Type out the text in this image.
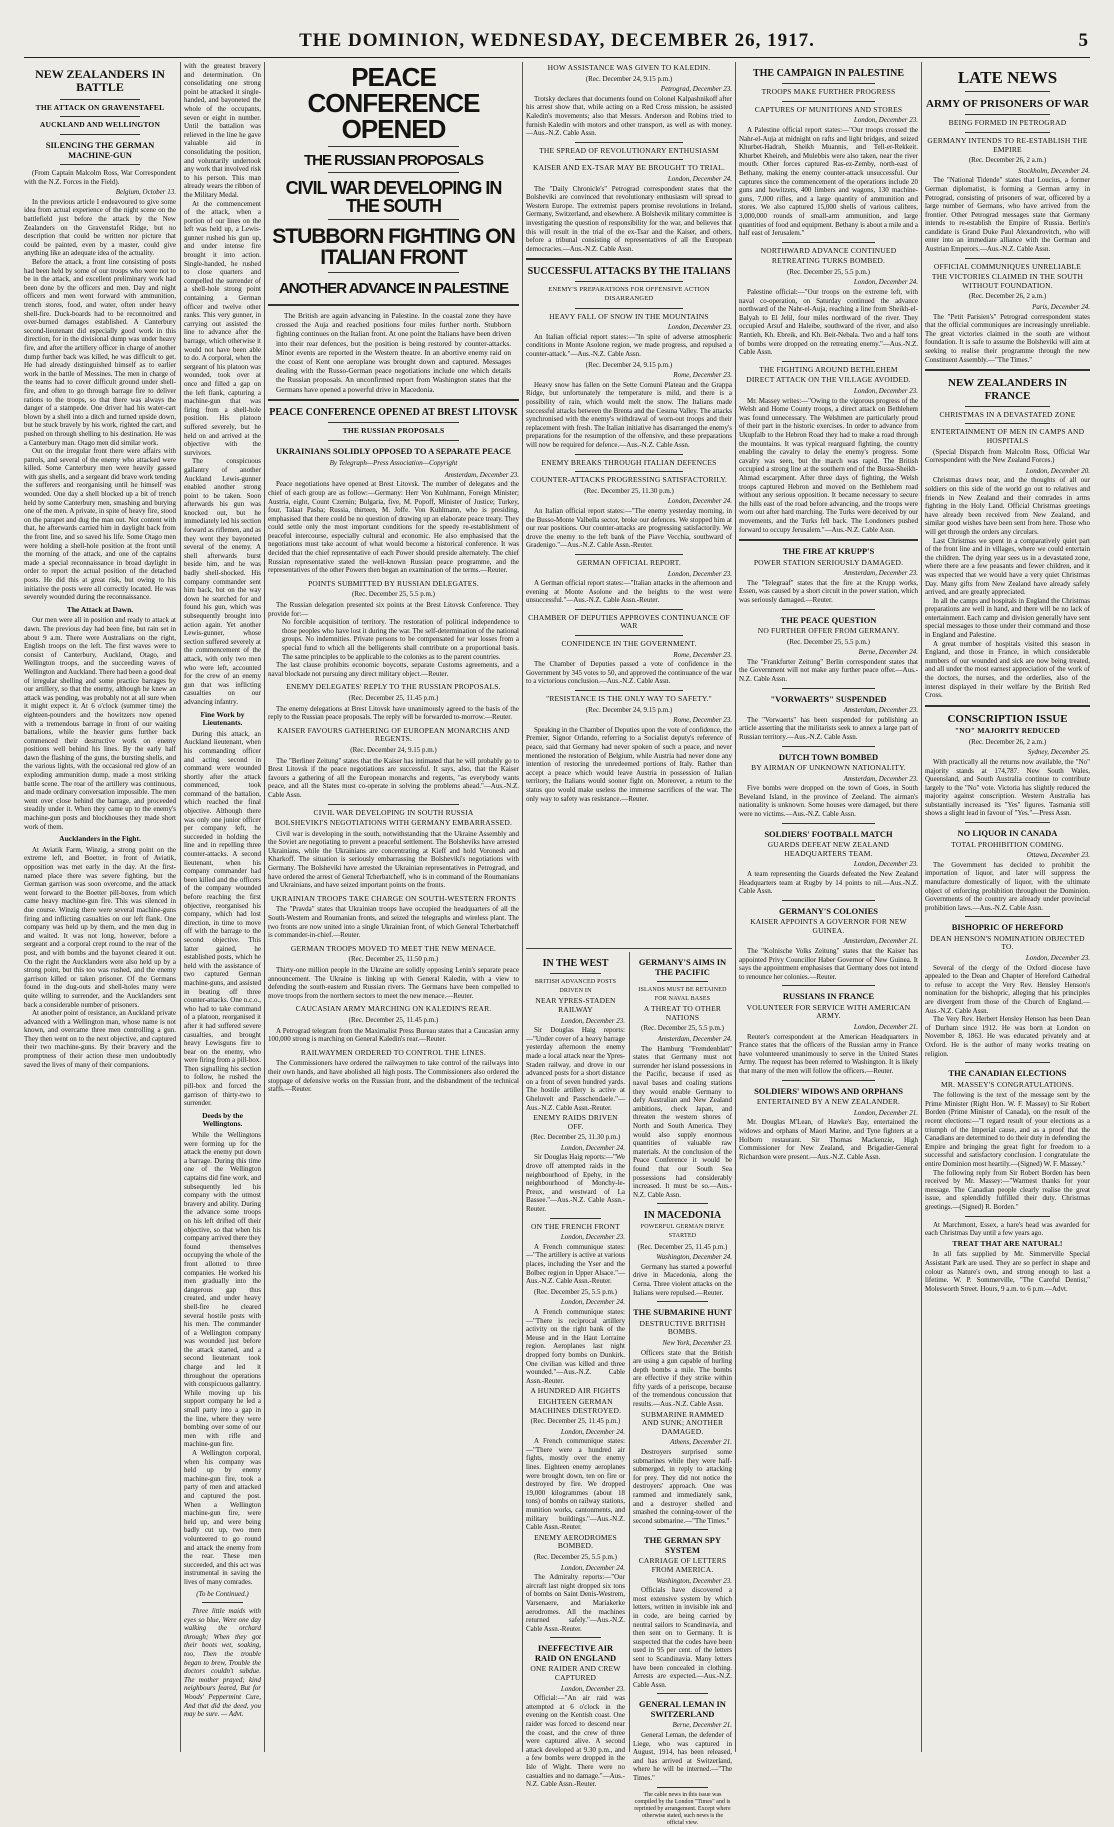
THE DOMINION, WEDNESDAY, DECEMBER 26, 1917.	5
NEW ZEALANDERS IN BATTLE
THE ATTACK ON GRAVENSTAFEL
AUCKLAND AND WELLINGTON
SILENCING THE GERMAN MACHINE-GUN

(From Captain Malcolm Ross, War Correspondent with the N.Z. Forces in the Field).

Belgium, October 13.

In the previous article I endeavoured to give some idea from actual experience of the night scene on the battlefield just before the attack by the New Zealanders on the Gravenstafel Ridge, but no description that could be written nor picture that could be painted, even by a master, could give anything like an adequate idea of the actuality.

Before the attack, a front line consisting of posts had been held by some of our troops who were not to be in the attack, and excellent preliminary work had been done by the officers and men. Day and night officers and men went forward with ammunition, trench stores, food, and water, often under heavy shell-fire. Duck-boards had to be reconnoitred and over-burned damages established. A Canterbury second-lieutenant did especially good work in this direction, for in the divisional dump was under heavy fire, and after the artillery officer in charge of another dump further back was killed, he was difficult to get. He had already distinguished himself as to earlier work in the battle of Messines. The men in charge of the teams had to cover difficult ground under shell-fire, and often to go through barrage fire to deliver rations to the troops, so that there was always the danger of a stampede. One driver had his water-cart blown by a shell into a ditch and turned upside down, but he stuck bravely by his work, righted the cart, and pushed on through shelling to his destination. He was a Canterbury man. Otago men did similar work.

Out on the irregular front there were affairs with patrols, and several of the enemy who attacked were killed. Some Canterbury men were heavily gassed with gas shells, and a sergeant did brave work tending the sufferers and reorganising until he himself was wounded. One day a shell blocked up a bit of trench held by some Canterbury men, smashing and burying one of the men. A private, in spite of heavy fire, stood on the parapet and dug the man out. Not content with that, he afterwards carried him in daylight back from the front line, and so saved his life. Some Otago men were holding a shell-hole position at the front until the morning of the attack, and one of the captains made a special reconnaissance in broad daylight in order to report the actual position of the detached posts. He did this at great risk, but owing to his initiative the posts were all correctly located. He was severely wounded during the reconnaissance.

The Attack at Dawn.

Our men were all in position and ready to attack at dawn. The previous day had been fine, but rain set in about 9 a.m. There were Australians on the right, English troops on the left. The first waves were to consist of Canterbury, Auckland, Otago, and Wellington troops, and the succeeding waves of Wellington and Auckland. There had been a good deal of irregular shelling and some practice barrages by our artillery, so that the enemy, although he knew an attack was pending, was probably not at all sure when it might expect it. At 6 o'clock (summer time) the eighteen-pounders and the howitzers now opened with a tremendous barrage in front of our waiting battalions, while the heavier guns further back commenced their destructive work on enemy positions well behind his lines. By the early half dawn the flashing of the guns, the bursting shells, and the various lights, with the occasional red glow of an exploding ammunition dump, made a most striking battle scene. The roar of the artillery was continuous, and made ordinary conversation impossible. The men went over close behind the barrage, and proceeded steadily under it. When they came up to the enemy's machine-gun posts and blockhouses they made short work of them.

Aucklanders in the Fight.

At Aviatik Farm, Winzig, a strong point on the extreme left, and Boetter, in front of Aviatik, opposition was met early in the day. At the first-named place there was severe fighting, but the German garrison was soon overcome, and the attack went forward to the Boetter pill-boxes, from which came heavy machine-gun fire. This was silenced in due course. Winzig there were several machine-guns firing and inflicting casualties on our left flank. One company was held up by them, and the men dug in and waited. It was not long, however, before a sergeant and a corporal crept round to the rear of the post, and with bombs and the bayonet cleared it out. On the right the Aucklanders were also held up by a strong point, but this too was rushed, and the enemy garrison killed or taken prisoner. Of the Germans found in the dug-outs and shell-holes many were quite willing to surrender, and the Aucklanders sent back a considerable number of prisoners.

At another point of resistance, an Auckland private advanced with a Wellington man, whose name is not known, and overcame three men controlling a gun. They then went on to the next objective, and captured their two machine-guns. By their bravery and the promptness of their action these men undoubtedly saved the lives of many of their companions.

with the greatest bravery and determination. On consolidating one strong point he attacked it single-handed, and bayoneted the whole of the occupants, seven or eight in number. Until the battalion was relieved in the line he gave valuable aid in consolidating the position, and voluntarily undertook any work that involved risk to his person. This man already wears the ribbon of the Military Medal.

At the commencement of the attack, when a portion of our lines on the left was held up, a Lewis-gunner rushed his gun up, and under intense fire brought it into action. Single-handed, he rushed to close quarters and compelled the surrender of a shell-hole strong point containing a German officer and twelve other ranks. This very gunner, in carrying out assisted the line to advance after the barrage, which otherwise it would not have been able to do. A corporal, when the sergeant of his platoon was wounded, took over at once and filled a gap on the left flank, capturing a machine-gun that was firing from a shell-hole position. His platoon suffered severely, but he held on and arrived at the objective with the survivors.

The conspicuous gallantry of another Auckland Lewis-gunner enabled another strong point to be taken. Soon afterwards his gun was knocked out, but he immediately led his section forward as riflemen, and as they went they bayoneted several of the enemy. A shell afterwards burst beside him, and he was badly shell-shocked. His company commander sent him back, but on the way down he searched for and found his gun, which was subsequently brought into action again. Yet another Lewis-gunner, whose section suffered severely at the commencement of the attack, with only two men who were left, accounted for the crew of an enemy gun that was inflicting casualties on our advancing infantry.

Fine Work by Lieutenants.

During this attack, an Auckland lieutenant, when his commanding officer and acting second in command were wounded shortly after the attack commenced, took command of the battalion, which reached the final objective. Although there was only one junior officer per company left, he succeeded in holding the line and in repelling three counter-attacks. A second lieutenant, when his company commander had been killed and the officers of the company wounded before reaching the first objective, reorganised his company, which had lost direction, in time to move off with the barrage to the second objective. This latter gained, he established posts, which he held with the assistance of two captured German machine-guns, and assisted in beating off three counter-attacks. One n.c.o., who had to take command of a platoon, reorganised it after it had suffered severe casualties, and brought heavy Lewisguns fire to bear on the enemy, who were firing from a pill-box. Then signalling his section to follow, he rushed the pill-box and forced the garrison of thirty-two to surrender.

Deeds by the Wellingtons.

While the Wellingtons were forming up for the attack the enemy put down a barrage. During this time one of the Wellington captains did fine work, and subsequently led his company with the utmost bravery and ability. During the advance some troops on his left drifted off their objective, so that when his company arrived there they found themselves occupying the whole of the front allotted to three companies. He worked his men gradually into the dangerous gap thus created, and under heavy shell-fire he cleared several hostile posts with his men. The commander of a Wellington company was wounded just before the attack started, and a second lieutenant took charge and led it throughout the operations with conspicuous gallantry. While moving up his support company he led a small party into a gap in the line, where they were bombing over some of our men with rifle and machine-gun fire.

A Wellington corporal, when his company was held up by enemy machine-gun fire, took a party of men and attacked and captured the post. When a Wellington machine-gun fire, were held up, and were being badly cut up, two men volunteered to go round and attack the enemy from the rear. These men succeeded, and this act was instrumental in saving the lives of many comrades.

(To be Continued.)

Three little maids with eyes so blue, Were one day walking the orchard through; When they got their boots wet, soaking, too, Then the trouble began to brew, Trouble the doctors couldn't subdue. The mother prayed; kind neighbours feared, But for Woods' Peppermint Cure, And that did the deed, you may be sure. — Advt.

PEACE CONFERENCE OPENED
THE RUSSIAN PROPOSALS
CIVIL WAR DEVELOPING IN THE SOUTH
STUBBORN FIGHTING ON ITALIAN FRONT
ANOTHER ADVANCE IN PALESTINE

The British are again advancing in Palestine. In the coastal zone they have crossed the Auja and reached positions four miles further north. Stubborn fighting continues on the Italian front. At one point the Italians have been driven into their rear defences, but the position is being restored by counter-attacks. Minor events are reported in the Western theatre. In an abortive enemy raid on the coast of Kent one aeroplane was brought down and captured. Messages dealing with the Russo-German peace negotiations include one which details the Russian proposals. An unconfirmed report from Washington states that the Germans have opened a powerful drive in Macedonia.

PEACE CONFERENCE OPENED AT BREST LITOVSK
THE RUSSIAN PROPOSALS
UKRAINIANS SOLIDLY OPPOSED TO A SEPARATE PEACE
By Telegraph—Press Association—Copyright
Amsterdam, December 23.

Peace negotiations have opened at Brest Litovsk. The number of delegates and the chief of each group are as follow:—Germany: Herr Von Kuhlmann, Foreign Minister; Austria, eight, Count Czernin; Bulgaria, five, M. Popoff, Minister of Justice; Turkey, four, Talaat Pasha; Russia, thirteen, M. Joffe. Von Kuhlmann, who is presiding, emphasised that there could be no question of drawing up an elaborate peace treaty. They could settle only the most important conditions for the speedy re-establishment of peaceful intercourse, especially cultural and economic. He also emphasised that the negotiations must take account of what would become a historical conference. It was decided that the chief representative of each Power should preside alternately. The chief Russian representative stated the well-known Russian peace programme, and the representatives of the other Powers then began an examination of the terms.—Reuter.

POINTS SUBMITTED BY RUSSIAN DELEGATES.
(Rec. December 25, 5.5 p.m.)

The Russian delegation presented six points at the Brest Litovsk Conference. They provide for:—

No forcible acquisition of territory. The restoration of political independence to those peoples who have lost it during the war. The self-determination of the national groups. No indemnities. Private persons to be compensated for war losses from a special fund to which all the belligerents shall contribute on a proportional basis. The same principles to be applicable to the colonies as to the parent countries.

The last clause prohibits economic boycotts, separate Customs agreements, and a naval blockade not pursuing any direct military object.—Reuter.

ENEMY DELEGATES' REPLY TO THE RUSSIAN PROPOSALS.
(Rec. December 25, 11.45 p.m.)

The enemy delegations at Brest Litovsk have unanimously agreed to the basis of the reply to the Russian peace proposals. The reply will be forwarded to-morrow.—Reuter.

KAISER FAVOURS GATHERING OF EUROPEAN MONARCHS AND REGENTS.
(Rec. December 24, 9.15 p.m.)

The "Berliner Zeitung" states that the Kaiser has intimated that he will probably go to Brest Litovsk if the peace negotiations are successful. It says, also, that the Kaiser favours a gathering of all the European monarchs and regents, "as everybody wants peace, and all the States must co-operate in solving the problems ahead."—Aus.-N.Z. Cable Assn.

CIVIL WAR DEVELOPING IN SOUTH RUSSIA
BOLSHEVIKI'S NEGOTIATIONS WITH GERMANY EMBARRASSED.

Civil war is developing in the south, notwithstanding that the Ukraine Assembly and the Soviet are negotiating to prevent a peaceful settlement. The Bolsheviks have arrested Ukrainians, while the Ukrainians are concentrating at Kieff and hold Voronesh and Kharkoff. The situation is seriously embarrassing the Bolsheviki's negotiations with Germany. The Bolsheviki have arrested the Ukrainian representatives in Petrograd, and have ordered the arrest of General Tcherbatcheff, who is in command of the Roumanians and Ukrainians, and have seized important points on the fronts.

UKRAINIAN TROOPS TAKE CHARGE ON SOUTH-WESTERN FRONTS

The "Pravda" states that Ukrainian troops have occupied the headquarters of all the South-Western and Roumanian fronts, and seized the telegraphs and wireless plant. The two fronts are now united into a single Ukrainian front, of which General Tcherbatcheff is commander-in-chief.—Reuter.

GERMAN TROOPS MOVED TO MEET THE NEW MENACE.
(Rec. December 25, 11.50 p.m.)

Thirty-one million people in the Ukraine are solidly opposing Lenin's separate peace announcement. The Ukraine is linking up with General Kaledin, with a view to defending the south-eastern and Russian rivers. The Germans have been compelled to move troops from the northern sectors to meet the new menace.—Reuter.

CAUCASIAN ARMY MARCHING ON KALEDIN'S REAR.
(Rec. December 25, 11.45 p.m.)

A Petrograd telegram from the Maximalist Press Bureau states that a Caucasian army 100,000 strong is marching on General Kaledin's rear.—Reuter.

RAILWAYMEN ORDERED TO CONTROL THE LINES.

The Commissioners have ordered the railwaymen to take control of the railways into their own hands, and have abolished all high posts. The Commissioners also ordered the stoppage of defensive works on the Russian front, and the disbandment of the technical staffs.—Reuter.

HOW ASSISTANCE WAS GIVEN TO KALEDIN.
(Rec. December 24, 9.15 p.m.)
Petrograd, December 23.

Trotsky declares that documents found on Colonel Kalpashnikoff after his arrest show that, while acting on a Red Cross mission, he assisted Kaledin's movements; also that Messrs. Anderson and Robins tried to furnish Kaledin with motors and other transport, as well as with money.—Aus.-N.Z. Cable Assn.

THE SPREAD OF REVOLUTIONARY ENTHUSIASM
KAISER AND EX-TSAR MAY BE BROUGHT TO TRIAL.
London, December 24.

The "Daily Chronicle's" Petrograd correspondent states that the Bolsheviki are convinced that revolutionary enthusiasm will spread to Western Europe. The extremist papers promise revolutions in Ireland, Germany, Switzerland, and elsewhere. A Bolshevik military committee is investigating the question of responsibility for the war, and believes that this will result in the trial of the ex-Tsar and the Kaiser, and others, before a tribunal consisting of representatives of all the European democracies.—Aus.-N.Z. Cable Assn.

SUCCESSFUL ATTACKS BY THE ITALIANS
ENEMY'S PREPARATIONS FOR OFFENSIVE ACTION DISARRANGED
HEAVY FALL OF SNOW IN THE MOUNTAINS
London, December 23.

An Italian official report states:—"In spite of adverse atmospheric conditions in Monte Asolone region, we made progress, and repulsed a counter-attack."—Aus.-N.Z. Cable Assn.

(Rec. December 24, 9.15 p.m.)
Rome, December 23.

Heavy snow has fallen on the Sette Comuni Plateau and the Grappa Ridge, but unfortunately the temperature is mild, and there is a possibility of rain, which would melt the snow. The Italians made successful attacks between the Brenta and the Cesuna Valley. The attacks synchronised with the enemy's withdrawal of worn-out troops and their replacement with fresh. The Italian initiative has disarranged the enemy's preparations for the resumption of the offensive, and these preparations will now be required for defence.—Aus.-N.Z. Cable Assn.

ENEMY BREAKS THROUGH ITALIAN DEFENCES
COUNTER-ATTACKS PROGRESSING SATISFACTORILY.
(Rec. December 25, 11.30 p.m.)
London, December 24.

An Italian official report states:—"The enemy yesterday morning, in the Busso-Monte Valbella sector, broke our defences. We stopped him at our rear positions. Our counter-attacks are progressing satisfactorily. We drove the enemy to the left bank of the Piave Vecchia, southward of Gradenigo."—Aus.-N.Z. Cable Assn.-Reuter.

GERMAN OFFICIAL REPORT.
London, December 23.

A German official report states:—"Italian attacks in the afternoon and evening at Monte Asolone and the heights to the west were unsuccessful."—Aus.-N.Z. Cable Assn.-Reuter.

CHAMBER OF DEPUTIES APPROVES CONTINUANCE OF WAR
CONFIDENCE IN THE GOVERNMENT.
Rome, December 23.

The Chamber of Deputies passed a vote of confidence in the Government by 345 votes to 50, and approved the continuance of the war to a victorious conclusion.—Aus.-N.Z. Cable Assn.

"RESISTANCE IS THE ONLY WAY TO SAFETY."
(Rec. December 24, 9.15 p.m.)
Rome, December 23.

Speaking in the Chamber of Deputies upon the vote of confidence, the Premier, Signor Orlando, referring to a Socialist deputy's reference of peace, said that Germany had never spoken of such a peace, and never mentioned the restoration of Belgium, while Austria had never done any intention of restoring the unredeemed portions of Italy. Rather than accept a peace which would leave Austria in possession of Italian territory, the Italians would sooner fight on. Moreover, a return to the status quo would make useless the immense sacrifices of the war. The only way to safety was resistance.—Reuter.

IN THE WEST
BRITISH ADVANCED POSTS DRIVEN IN
NEAR YPRES-STADEN RAILWAY
London, December 23.

Sir Douglas Haig reports:—"Under cover of a heavy barrage yesterday afternoon the enemy made a local attack near the Ypres-Staden railway, and drove in our advanced posts for a short distance on a front of seven hundred yards. The hostile artillery is active at Gheluvelt and Passchendaele."—Aus.-N.Z. Cable Assn.-Reuter.

ENEMY RAIDS DRIVEN OFF.
(Rec. December 25, 11.30 p.m.)
London, December 24.

Sir Douglas Haig reports:—"We drove off attempted raids in the neighbourhood of Epehy, in the neighbourhood of Monchy-le-Preux, and westward of La Bassee."—Aus.-N.Z. Cable Assn.-Reuter.

ON THE FRENCH FRONT
London, December 23.

A French communique states:—"The artillery is active at various places, including the Yser and the Bolbec region in Upper Alsace."—Aus.-N.Z. Cable Assn.-Reuter.

(Rec. December 25, 5.5 p.m.)
London, December 24.

A French communique states:—"There is reciprocal artillery activity on the right bank of the Meuse and in the Haut Lorraine region. Aeroplanes last night dropped forty bombs on Dunkirk. One civilian was killed and three wounded."—Aus.-N.Z. Cable Assn.-Reuter.

A HUNDRED AIR FIGHTS
EIGHTEEN GERMAN MACHINES DESTROYED.
(Rec. December 25, 11.45 p.m.)
London, December 24.

A French communique states:—"There were a hundred air fights, mostly over the enemy lines. Eighteen enemy aeroplanes were brought down, ten on fire or destroyed by fire. We dropped 19,000 kilogrammes (about 18 tons) of bombs on railway stations, munition works, cantonments, and military buildings."—Aus.-N.Z. Cable Assn.-Reuter.

ENEMY AERODROMES BOMBED.
(Rec. December 25, 5.5 p.m.)
London, December 24.

The Admiralty reports:—"Our aircraft last night dropped six tons of bombs on Saint Denis-Westrem, Varsenaere, and Mariakerke aerodromes. All the machines returned safely."—Aus.-N.Z. Cable Assn.-Reuter.

INEFFECTIVE AIR RAID ON ENGLAND
ONE RAIDER AND CREW CAPTURED
London, December 23.

Official:—"An air raid was attempted at 6 o'clock in the evening on the Kentish coast. One raider was forced to descend near the coast, and the crew of three were captured alive. A second attack developed at 9.30 p.m., and a few bombs were dropped in the Isle of Wight. There were no casualties and no damage."—Aus.-N.Z. Cable Assn.-Reuter.

GERMANY'S AIMS IN THE PACIFIC
ISLANDS MUST BE RETAINED FOR NAVAL BASES
A THREAT TO OTHER NATIONS
(Rec. December 25, 5.5 p.m.)
Amsterdam, December 24.

The Hamburg "Fremdenblatt" states that Germany must not surrender her island possessions in the Pacific, because if used as naval bases and coaling stations they would enable Germany to defy Australian and New Zealand ambitions, check Japan, and threaten the western shores of North and South America. They would also supply enormous quantities of valuable raw materials. At the conclusion of the Peace Conference it would be found that our South Sea possessions had considerably increased. It must be so.—Aus.-N.Z. Cable Assn.

IN MACEDONIA
POWERFUL GERMAN DRIVE STARTED
(Rec. December 25, 11.45 p.m.)
Washington, December 24.

Germany has started a powerful drive in Macedonia, along the Cerna. Three violent attacks on the Italians were repulsed.—Reuter.

THE SUBMARINE HUNT
DESTRUCTIVE BRITISH BOMBS.
New York, December 23.

Officers state that the British are using a gun capable of hurling depth bombs a mile. The bombs are effective if they strike within fifty yards of a periscope, because of the tremendous concussion that results.—Aus.-N.Z. Cable Assn.

SUBMARINE RAMMED AND SUNK; ANOTHER DAMAGED.
Athens, December 21.

Destroyers surprised some submarines while they were half-submerged, in reply to attacking for prey. They did not notice the destroyers' approach. One was rammed and immediately sank, and a destroyer shelled and smashed the conning-tower of the second submarine.—"The Times."

THE GERMAN SPY SYSTEM
CARRIAGE OF LETTERS FROM AMERICA.
Washington, December 23.

Officials have discovered a most extensive system by which letters, written in invisible ink and in code, are being carried by neutral sailors to Scandinavia, and then sent on to Germany. It is suspected that the codes have been used in 95 per cent. of the letters sent to Scandinavia. Many letters have been concealed in clothing. Arrests are expected.—Aus.-N.Z. Cable Assn.

GENERAL LEMAN IN SWITZERLAND
Berne, December 21.

General Leman, the defender of Liege, who was captured in August, 1914, has been released, and has arrived at Switzerland, where he will be interned.—"The Times."

The cable news in this issue was compiled by the London "Times" and is reprinted by arrangement. Except where otherwise stated, such news is the official view.

THE CAMPAIGN IN PALESTINE
TROOPS MAKE FURTHER PROGRESS
CAPTURES OF MUNITIONS AND STORES
London, December 23.

A Palestine official report states:—"Our troops crossed the Nahr-el-Auja at midnight on rafts and light bridges, and seized Khurbet-Hadrah, Sheikh Muannis, and Tell-er-Rekkeit. Khurbet Kheireh, and Mulebbis were also taken, near the river mouth. Other forces captured Ras-ez-Zemby, north-east of Bethany, making the enemy counter-attack unsuccessful. Our captures since the commencement of the operations include 20 guns and howitzers, 400 limbers and wagons, 130 machine-guns, 7,000 rifles, and a large quantity of ammunition and stores. We also captured 15,000 shells of various calibres, 3,000,000 rounds of small-arm ammunition, and large quantities of food and equipment. Bethany is about a mile and a half east of Jerusalem."

NORTHWARD ADVANCE CONTINUED
RETREATING TURKS BOMBED.
(Rec. December 25, 5.5 p.m.)
London, December 24.

Palestine official:—"Our troops on the extreme left, with naval co-operation, on Saturday continued the advance northward of the Nahr-el-Auja, reaching a line from Sheikh-el-Balyah to El Jelil, four miles northward of the river. They occupied Arsuf and Haleibe, southward of the river, and also Rantieh, Kh. Ebreik, and Kh. Beit-Nebala. Two and a half tons of bombs were dropped on the retreating enemy."—Aus.-N.Z. Cable Assn.

THE FIGHTING AROUND BETHLEHEM
DIRECT ATTACK ON THE VILLAGE AVOIDED.
London, December 23.

Mr. Massey writes:—"Owing to the vigorous progress of the Welsh and Home County troops, a direct attack on Bethlehem was found unnecessary. The Welshmen are particularly proud of their part in the historic exercises. In order to advance from Ukupfalb to the Hebron Road they had to make a road through the mountains. It was typical rearguard fighting, the country enabling the cavalry to delay the enemy's progress. Some cavalry was seen, but the march was rapid. The British occupied a strong line at the southern end of the Bussa-Sheikh-Ahmad escarpment. After three days of fighting, the Welsh troops captured Hebron and moved on the Bethlehem road without any serious opposition. It became necessary to secure the hills east of the road before advancing, and the troops were worn out after hard marching. The Turks were deceived by our movements, and the Turks fell back. The Londoners pushed forward to occupy Jerusalem."—Aus.-N.Z. Cable Assn.

THE FIRE AT KRUPP'S
POWER STATION SERIOUSLY DAMAGED.
Amsterdam, December 23.

The "Telegraaf" states that the fire at the Krupp works, Essen, was caused by a short circuit in the power station, which was seriously damaged.—Reuter.

THE PEACE QUESTION
NO FURTHER OFFER FROM GERMANY.
(Rec. December 25, 5.5 p.m.)
Berne, December 24.

The "Frankfurter Zeitung" Berlin correspondent states that the Government will not make any further peace offer.—Aus.-N.Z. Cable Assn.

"VORWAERTS" SUSPENDED
Amsterdam, December 23.

The "Vorwaerts" has been suspended for publishing an article asserting that the militarists seek to annex a large part of Russian territory.—Aus.-N.Z. Cable Assn.

DUTCH TOWN BOMBED
BY AIRMAN OF UNKNOWN NATIONALITY.
Amsterdam, December 23.

Five bombs were dropped on the town of Goes, in South Beveland Island, in the province of Zeeland. The airman's nationality is unknown. Some houses were damaged, but there were no victims.—Aus.-N.Z. Cable Assn.

SOLDIERS' FOOTBALL MATCH
GUARDS DEFEAT NEW ZEALAND HEADQUARTERS TEAM.
London, December 23.

A team representing the Guards defeated the New Zealand Headquarters team at Rugby by 14 points to nil.—Aus.-N.Z. Cable Assn.

GERMANY'S COLONIES
KAISER APPOINTS A GOVERNOR FOR NEW GUINEA.
Amsterdam, December 21.

The "Kolnische Volks Zeitung" states that the Kaiser has appointed Privy Councillor Haber Governor of New Guinea. It says the appointment emphasises that Germany does not intend to renounce her colonies.—Reuter.

RUSSIANS IN FRANCE
VOLUNTEER FOR SERVICE WITH AMERICAN ARMY.
London, December 21.

Reuter's correspondent at the American Headquarters in France states that the officers of the Russian army in France have volunteered unanimously to serve in the United States Army. The request has been referred to Washington. It is likely that many of the men will follow the officers.—Reuter.

SOLDIERS' WIDOWS AND ORPHANS
ENTERTAINED BY A NEW ZEALANDER.
London, December 21.

Mr. Douglas M'Lean, of Hawke's Bay, entertained the widows and orphans of Maori Marine, and Tyne fighters at a Holborn restaurant. Sir Thomas Mackenzie, High Commissioner for New Zealand, and Brigadier-General Richardson were present.—Aus.-N.Z. Cable Assn.

LATE NEWS
ARMY OF PRISONERS OF WAR
BEING FORMED IN PETROGRAD
GERMANY INTENDS TO RE-ESTABLISH THE EMPIRE
(Rec. December 26, 2 a.m.)
Stockholm, December 24.

The "National Tidende" states that Loucius, a former German diplomatist, is forming a German army in Petrograd, consisting of prisoners of war, officered by a large number of Germans, who have arrived from the frontier. Other Petrograd messages state that Germany intends to re-establish the Empire of Russia. Berlin's candidate is Grand Duke Paul Alexandrovitch, who will enter into an immediate alliance with the German and Austrian Emperors.—Aus.-N.Z. Cable Assn.

OFFICIAL COMMUNIQUES UNRELIABLE
THE VICTORIES CLAIMED IN THE SOUTH WITHOUT FOUNDATION.
(Rec. December 26, 2 a.m.)
Paris, December 24.

The "Petit Parisien's" Petrograd correspondent states that the official communiques are increasingly unreliable. The great victories claimed in the south are without foundation. It is safe to assume the Bolsheviki will aim at seeking to realise their programme through the new Constituent Assembly.—"The Times."

NEW ZEALANDERS IN FRANCE
CHRISTMAS IN A DEVASTATED ZONE
ENTERTAINMENT OF MEN IN CAMPS AND HOSPITALS

(Special Dispatch from Malcolm Ross, Official War Correspondent with the New Zealand Forces.)

London, December 20.

Christmas draws near, and the thoughts of all our soldiers on this side of the world go out to relatives and friends in New Zealand and their comrades in arms fighting in the Holy Land. Official Christmas greetings have already been received from New Zealand, and similar good wishes have been sent from here. Those who will get through the orders any circulars.

Last Christmas we spent in a comparatively quiet part of the front line and in villages, where we could entertain the children. The dying year sees us in a devastated zone, where there are a few peasants and fewer children, and it was expected that we would have a very quiet Christmas Day. Many gifts from New Zealand have already safely arrived, and are greatly appreciated.

In all the camps and hospitals in England the Christmas preparations are well in hand, and there will be no lack of entertainment. Each camp and division generally have sent special messages to those under their command and those in England and Palestine.

A great number of hospitals visited this season in England, and those in France, in which considerable numbers of our wounded and sick are now being treated, and all under the most earnest appreciation of the work of the doctors, the nurses, and the orderlies, also of the interest displayed in their welfare by the British Red Cross.

CONSCRIPTION ISSUE
"NO" MAJORITY REDUCED
(Rec. December 26, 2 a.m.)
Sydney, December 25.

With practically all the returns now available, the "No" majority stands at 174,787. New South Wales, Queensland, and South Australia continue to contribute largely to the "No" vote. Victoria has slightly reduced the majority against conscription. Western Australia has substantially increased its "Yes" figures. Tasmania still shows a slight lead in favour of "Yes."—Press Assn.

NO LIQUOR IN CANADA
TOTAL PROHIBITION COMING.
Ottawa, December 23.

The Government has decided to prohibit the importation of liquor, and later will suppress the manufacture domestically of liquor, with the ultimate object of enforcing prohibition throughout the Dominion. Governments of the country are already under provincial prohibition laws.—Aus.-N.Z. Cable Assn.

BISHOPRIC OF HEREFORD
DEAN HENSON'S NOMINATION OBJECTED TO.
London, December 23.

Several of the clergy of the Oxford diocese have appealed to the Dean and Chapter of Hereford Cathedral to refuse to accept the Very Rev. Hensley Henson's nomination for the bishopric, alleging that his principles are divergent from those of the Church of England.—Aus.-N.Z. Cable Assn.

The Very Rev. Herbert Hensley Henson has been Dean of Durham since 1912. He was born at London on November 8, 1863. He was educated privately and at Oxford. He is the author of many works treating on religion.

THE CANADIAN ELECTIONS
MR. MASSEY'S CONGRATULATIONS.

The following is the text of the message sent by the Prime Minister (Right Hon. W. F. Massey) to Sir Robert Borden (Prime Minister of Canada), on the result of the recent elections:—"I regard result of your elections as a triumph of the Imperial cause, and as a proof that the Canadians are determined to do their duty in defending the Empire and bringing the great fight for freedom to a successful and satisfactory conclusion. I congratulate the entire Dominion most heartily.—(Signed) W. F. Massey."

The following reply from Sir Robert Borden has been received by Mr. Massey:—"Warmest thanks for your message. The Canadian people clearly realise the great issue, and splendidly fulfilled their duty. Christmas greetings.—(Signed) R. Borden."

At Marchmont, Essex, a hare's head was awarded for each Christmas Day until a few years ago.

TREAT THAT ARE NATURAL!

In all fats supplied by Mr. Simmerville Special Assistant Park are used. They are so perfect in shape and colour as Nature's own, and strong enough to last a lifetime. W. P. Sommerville, "The Careful Dentist," Molesworth Street. Hours, 9 a.m. to 6 p.m.—Advt.
